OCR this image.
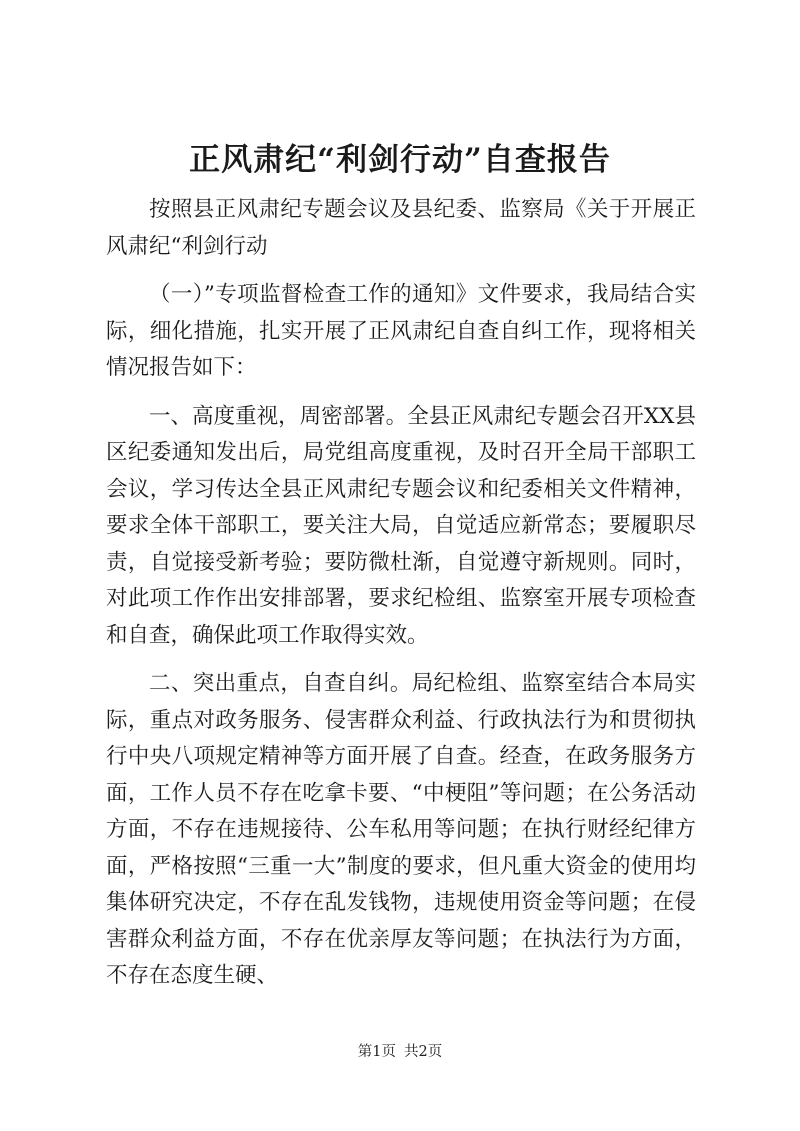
正风肃纪“利剑行动”自查报告

按照县正风肃纪专题会议及县纪委、监察局《关于开展正风肃纪“利剑行动

（一）”专项监督检查工作的通知》文件要求，我局结合实际，细化措施，扎实开展了正风肃纪自查自纠工作，现将相关情况报告如下：

一、高度重视，周密部署。全县正风肃纪专题会召开XX县区纪委通知发出后，局党组高度重视，及时召开全局干部职工会议，学习传达全县正风肃纪专题会议和纪委相关文件精神，要求全体干部职工，要关注大局，自觉适应新常态；要履职尽责，自觉接受新考验；要防微杜渐，自觉遵守新规则。同时，对此项工作作出安排部署，要求纪检组、监察室开展专项检查和自查，确保此项工作取得实效。

二、突出重点，自查自纠。局纪检组、监察室结合本局实际，重点对政务服务、侵害群众利益、行政执法行为和贯彻执行中央八项规定精神等方面开展了自查。经查，在政务服务方面，工作人员不存在吃拿卡要、“中梗阻”等问题；在公务活动方面，不存在违规接待、公车私用等问题；在执行财经纪律方面，严格按照“三重一大”制度的要求，但凡重大资金的使用均集体研究决定，不存在乱发钱物，违规使用资金等问题；在侵害群众利益方面，不存在优亲厚友等问题；在执法行为方面，不存在态度生硬、

第1页 共2页
